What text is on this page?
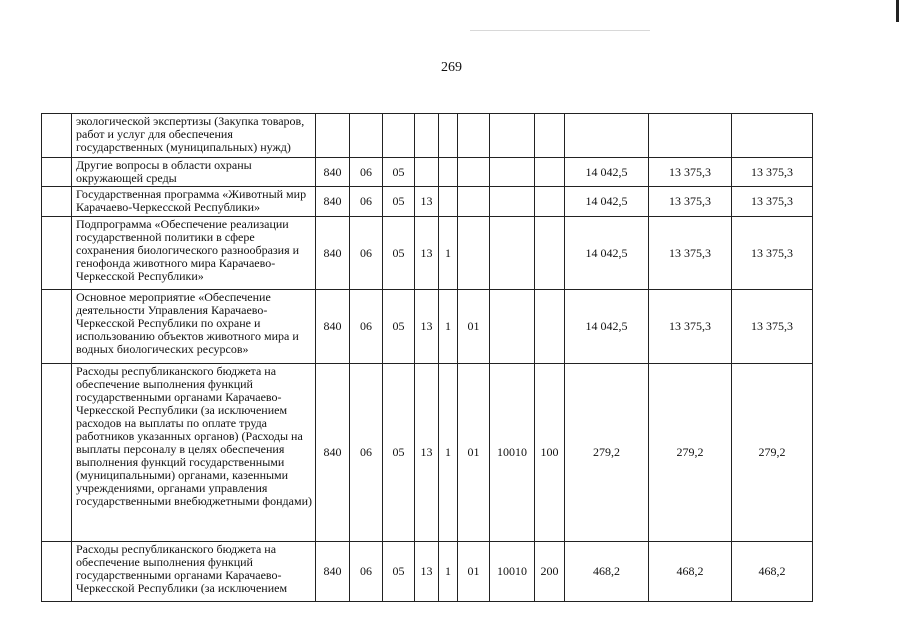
269
	экологической экспертизы (Закупка товаров, работ и услуг для обеспечения государственных (муниципальных) нужд)											
	Другие вопросы в области охраны окружающей среды	840	06	05						14 042,5	13 375,3	13 375,3
	Государственная программа «Животный мир Карачаево-Черкесской Республики»	840	06	05	13					14 042,5	13 375,3	13 375,3
	Подпрограмма «Обеспечение реализации государственной политики в сфере сохранения биологического разнообразия и генофонда животного мира Карачаево-Черкесской Республики»	840	06	05	13	1				14 042,5	13 375,3	13 375,3
	Основное мероприятие «Обеспечение деятельности Управления Карачаево-Черкесской Республики по охране и использованию объектов животного мира и водных биологических ресурсов»	840	06	05	13	1	01			14 042,5	13 375,3	13 375,3
	Расходы республиканского бюджета на обеспечение выполнения функций государственными органами Карачаево-Черкесской Республики (за исключением расходов на выплаты по оплате труда работников указанных органов) (Расходы на выплаты персоналу в целях обеспечения выполнения функций государственными (муниципальными) органами, казенными учреждениями, органами управления государственными внебюджетными фондами)	840	06	05	13	1	01	10010	100	279,2	279,2	279,2
	Расходы республиканского бюджета на обеспечение выполнения функций государственными органами Карачаево-Черкесской Республики (за исключением	840	06	05	13	1	01	10010	200	468,2	468,2	468,2
